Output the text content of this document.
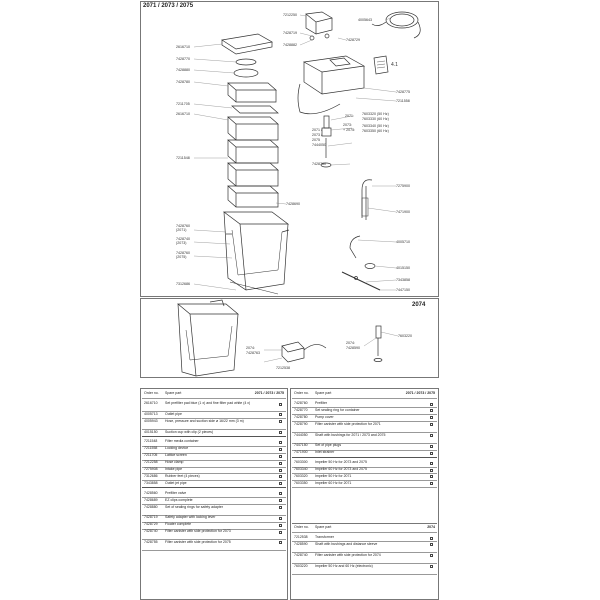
2071 / 2073 / 2075
2074
2616710
7428770
7428880
7428780
7211705
2616710
7211548
7428690
7428760 (2071)
7428740 (2073)
7428760 (2075)
7312686
7212250
7428719
7428882
7428729
4005643
4.1
7428775
7211558
7603320 (50 Hz)
7603330 (60 Hz)
7603340 (50 Hz)
7603350 (60 Hz)
2071:
2073:
+ 2075:
2071 /
2073 /
2075
7444050
7428780
7275900
7471900
4005710
4015150
7343858
7447150
2074:
7428763
7212538
2074:
7428590
7603220
Order no. Spare part	2071 / 2073 / 2075
2616710 Set prefilter pad blue (1 x) and fine filter pad white (4 x)
4005713 Outlet pipe
4005943 Hose, pressure and suction side ø 16/22 mm (3 m)
4015150 Suction cup with clip (2 pieces)
7211548 Filter media container
7211558 Locking device
7211705 Lattice screen
7212258 Hose clamp
7275908 Intake pipe
7312686 Rubber feet (4 pieces)
7343858 Outlet jet pipe
7428560 Prefilter valve
7428689 EZ clips complete
7428880 Set of sealing rings for safety adapter
7428719 Safety adapter with locking lever
7428729 Floater complete
7428740 Filter canister with side protection for 2073
7428755 Filter canister with side protection for 2075
Order no. Spare part	2071 / 2073 / 2075
7428760 Prefilter
7428770 Set sealing ring for container
7428780 Pump cover
7428790 Filter canister with side protection for 2071
7444050 Shaft with bushings for 2071 / 2073 and 2075
7447150 Set of pipe plugs
7471900 Inlet strainer
7603300 Impeller 50 Hz for 2073 and 2075
7603340 Impeller 60 Hz for 2073 and 2075
7603320 Impeller 50 Hz for 2071
7603350 Impeller 60 Hz for 2071
Order no. Spare part	2074
7212538 Transformer
7428590 Shaft with bushings and distance sleeve
7428740 Filter canister with side protection for 2074
7603220 Impeller 50 Hz and 60 Hz (electronic)
